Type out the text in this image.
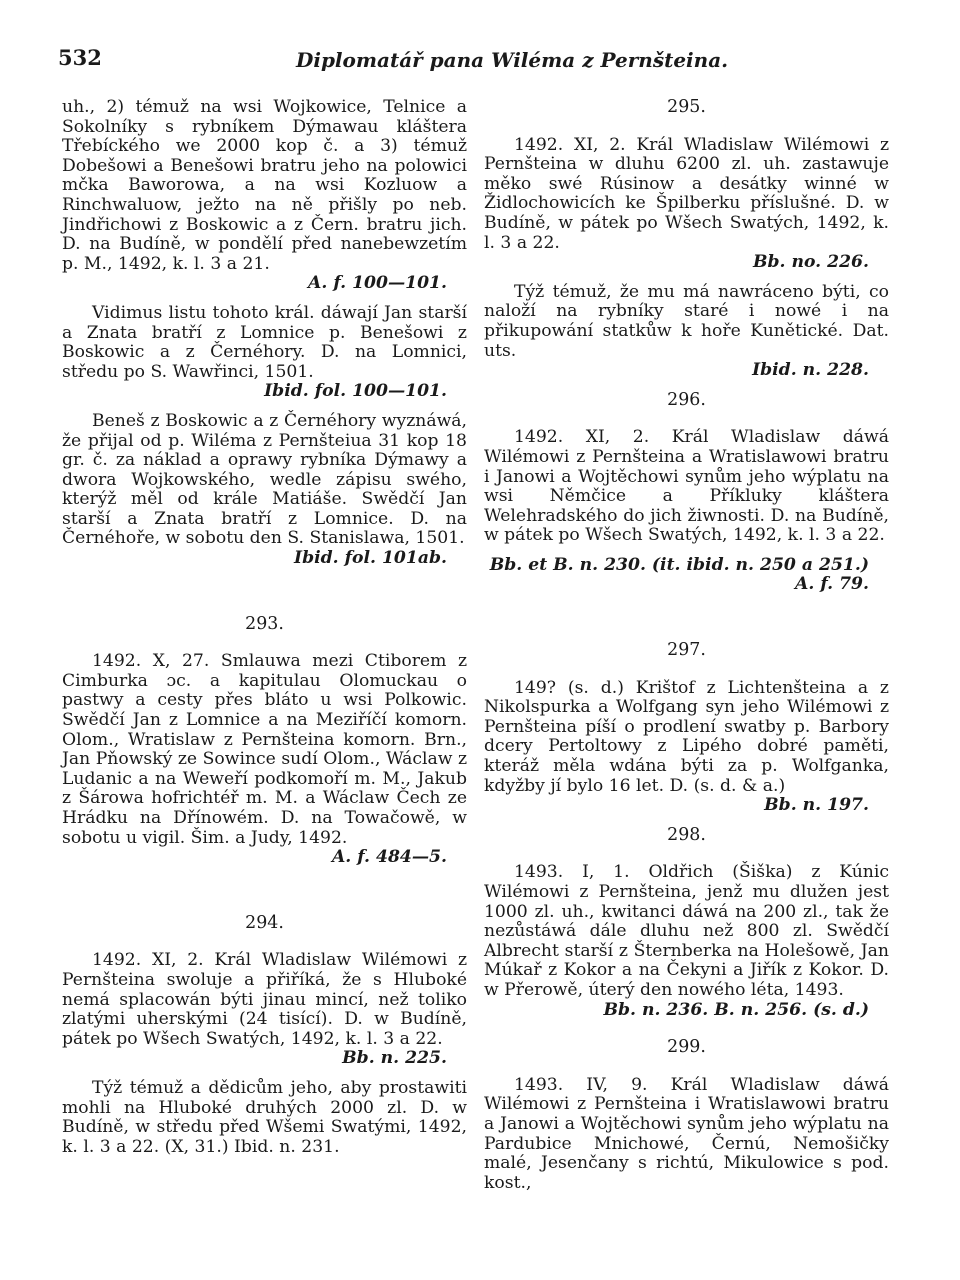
532	Diplomatář pana Wiléma z Pernšteina.

uh., 2) témuž na wsi Wojkowice, Telnice a Sokolníky s rybníkem Dýmawau kláštera Třebíckého we 2000 kop č. a 3) témuž Dobešowi a Benešowi bratru jeho na polowici mčka Baworowa, a na wsi Kozluow a Rinchwaluow, ježto na ně přišly po neb. Jindřichowi z Boskowic a z Čern. bratru jich. D. na Budíně, w pondělí před nanebewzetím p. M., 1492, k. l. 3 a 21.

A. f. 100—101.

Vidimus listu tohoto král. dáwají Jan starší a Znata bratří z Lomnice p. Benešowi z Boskowic a z Černéhory. D. na Lomnici, středu po S. Wawřinci, 1501.

Ibid. fol. 100—101.

Beneš z Boskowic a z Černéhory wyznáwá, že přijal od p. Wiléma z Pernšteiua 31 kop 18 gr. č. za náklad a oprawy rybníka Dýmawy a dwora Wojkowského, wedle zápisu swého, kterýž měl od krále Matiáše. Swědčí Jan starší a Znata bratří z Lomnice. D. na Černéhoře, w sobotu den S. Stanislawa, 1501.

Ibid. fol. 101ab.

293.

1492. X, 27. Smlauwa mezi Ctiborem z Cimburka ɔc. a kapitulau Olomuckau o pastwy a cesty přes bláto u wsi Polkowic. Swědčí Jan z Lomnice a na Meziříčí komorn. Olom., Wratislaw z Pernšteina komorn. Brn., Jan Pňowský ze Sowince sudí Olom., Wáclaw z Ludanic a na Weweří podkomoří m. M., Jakub z Šárowa hofrichtéř m. M. a Wáclaw Čech ze Hrádku na Dřínowém. D. na Towačowě, w sobotu u vigil. Šim. a Judy, 1492.

A. f. 484—5.

294.

1492. XI, 2. Král Wladislaw Wilémowi z Pernšteina swoluje a přiříká, že s Hluboké nemá splacowán býti jinau mincí, než toliko zlatými uherskými (24 tisící). D. w Budíně, pátek po Wšech Swatých, 1492, k. l. 3 a 22.

Bb. n. 225.

Týž témuž a dědicům jeho, aby prostawiti mohli na Hluboké druhých 2000 zl. D. w Budíně, w středu před Wšemi Swatými, 1492, k. l. 3 a 22. (X, 31.) Ibid. n. 231.

295.

1492. XI, 2. Král Wladislaw Wilémowi z Pernšteina w dluhu 6200 zl. uh. zastawuje měko swé Rúsinow a desátky winné w Židlochowicích ke Špilberku příslušné. D. w Budíně, w pátek po Wšech Swatých, 1492, k. l. 3 a 22.

Bb. no. 226.

Týž témuž, že mu má nawráceno býti, co naloží na rybníky staré i nowé i na přikupowání statkůw k hoře Kunětické. Dat. uts.

Ibid. n. 228.

296.

1492. XI, 2. Král Wladislaw dáwá Wilémowi z Pernšteina a Wratislawowi bratru i Janowi a Wojtěchowi synům jeho wýplatu na wsi Němčice a Příkluky kláštera Welehradského do jich žiwnosti. D. na Budíně, w pátek po Wšech Swatých, 1492, k. l. 3 a 22.

Bb. et B. n. 230. (it. ibid. n. 250 a 251.) A. f. 79.

297.

149? (s. d.) Krištof z Lichtenšteina a z Nikolspurka a Wolfgang syn jeho Wilémowi z Pernšteina píší o prodlení swatby p. Barbory dcery Pertoltowy z Lipého dobré paměti, kteráž měla wdána býti za p. Wolfganka, kdyžby jí bylo 16 let. D. (s. d. & a.)

Bb. n. 197.

298.

1493. I, 1. Oldřich (Šiška) z Kúnic Wilémowi z Pernšteina, jenž mu dlužen jest 1000 zl. uh., kwitanci dáwá na 200 zl., tak že nezůstáwá dále dluhu než 800 zl. Swědčí Albrecht starší z Šternberka na Holešowě, Jan Múkař z Kokor a na Čekyni a Jiřík z Kokor. D. w Přerowě, úterý den nowého léta, 1493.

Bb. n. 236. B. n. 256. (s. d.)

299.

1493. IV, 9. Král Wladislaw dáwá Wilémowi z Pernšteina i Wratislawowi bratru a Janowi a Wojtěchowi synům jeho wýplatu na Pardubice Mnichowé, Černú, Nemošičky malé, Jesenčany s richtú, Mikulowice s pod. kost.,
